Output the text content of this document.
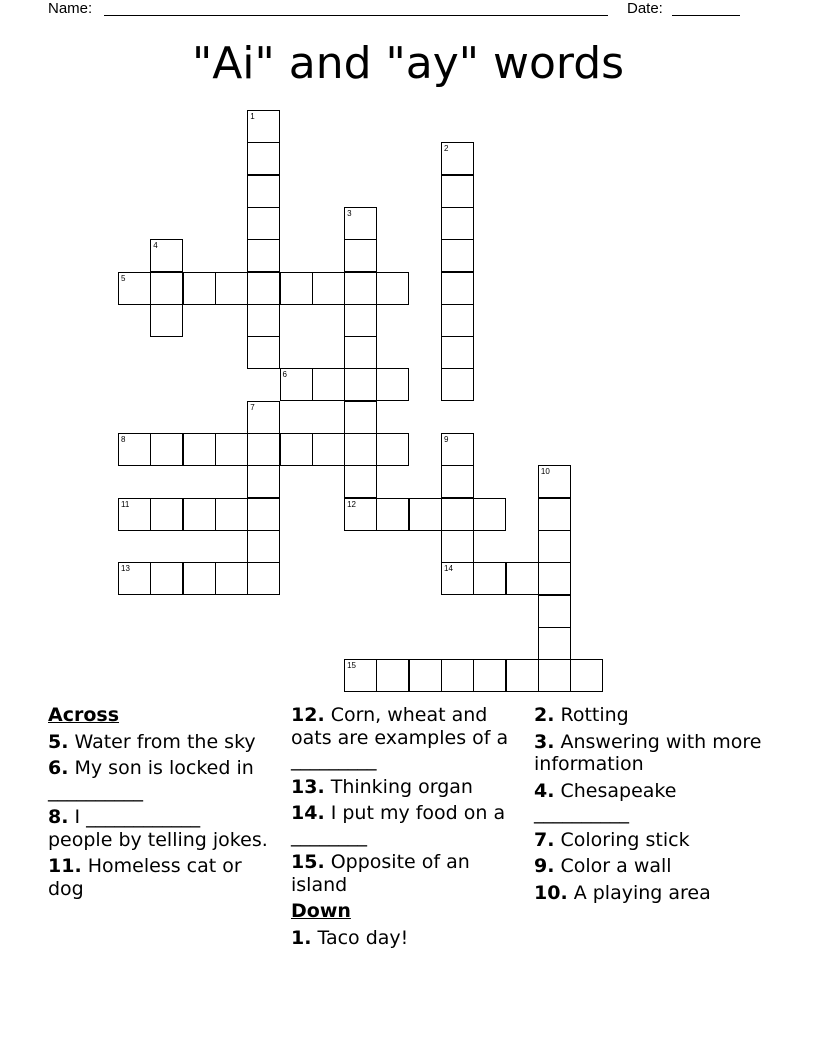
Name:	Date:
"Ai" and "ay" words
1
2
3
12
4
5
6
7
8	9
14
10
11
13
15
Across
5. Water from the sky
6. My son is locked in __________
8. I ____________ people by telling jokes.
11. Homeless cat or dog
12. Corn, wheat and oats are examples of a _________
13. Thinking organ
14. I put my food on a ________
15. Opposite of an island
Down
1. Taco day!
2. Rotting
3. Answering with more information
4. Chesapeake __________
7. Coloring stick
9. Color a wall
10. A playing area
